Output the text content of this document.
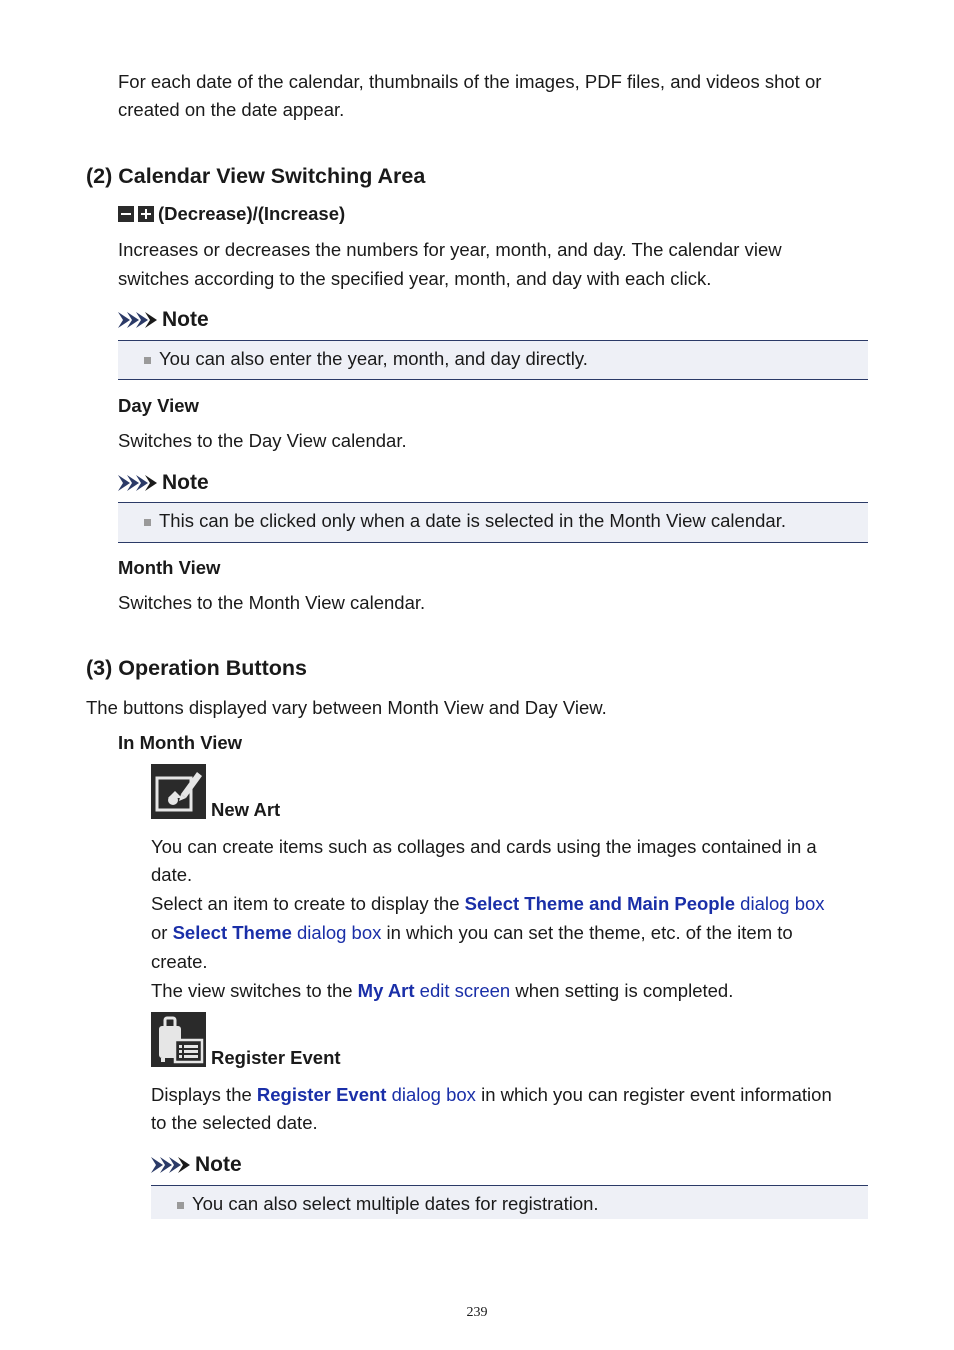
For each date of the calendar, thumbnails of the images, PDF files, and videos shot or

created on the date appear.

(2) Calendar View Switching Area
(Decrease)/(Increase)

Increases or decreases the numbers for year, month, and day. The calendar view

switches according to the specified year, month, and day with each click.

Note
You can also enter the year, month, and day directly.
Day View

Switches to the Day View calendar.

Note
This can be clicked only when a date is selected in the Month View calendar.
Month View

Switches to the Month View calendar.

(3) Operation Buttons

The buttons displayed vary between Month View and Day View.

In Month View
New Art

You can create items such as collages and cards using the images contained in a

date.

Select an item to create to display the Select Theme and Main People dialog box

or Select Theme dialog box in which you can set the theme, etc. of the item to

create.

The view switches to the My Art edit screen when setting is completed.

Register Event

Displays the Register Event dialog box in which you can register event information

to the selected date.

Note
You can also select multiple dates for registration.
239
